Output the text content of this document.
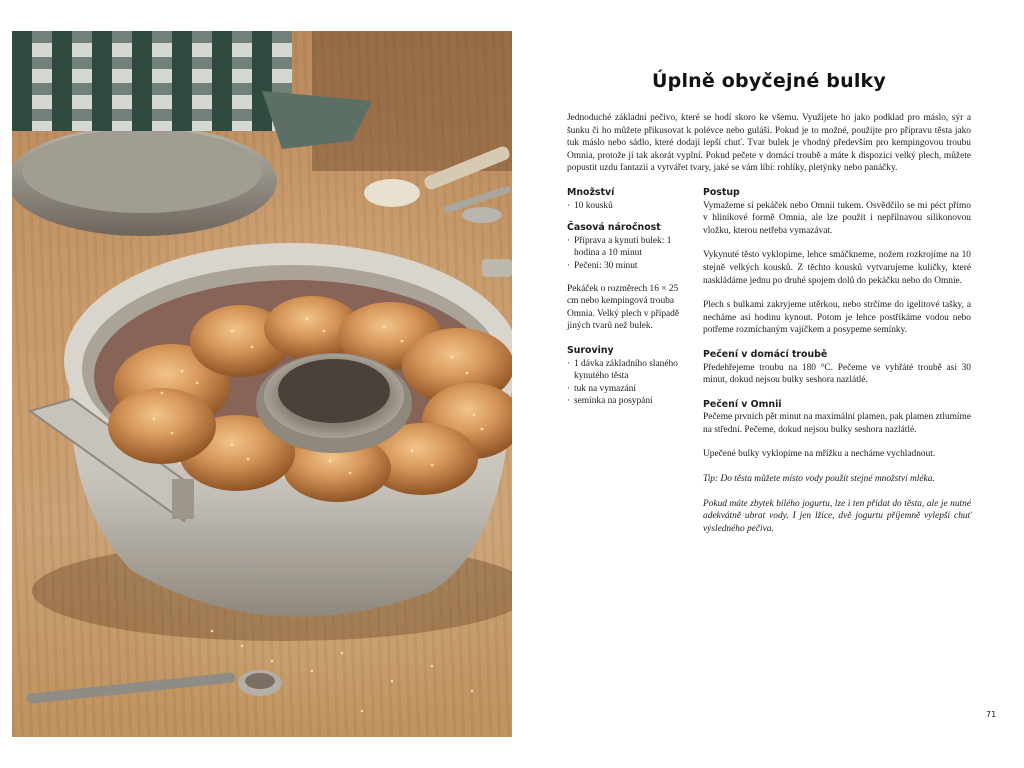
Úplně obyčejné bulky

Jednoduché základní pečivo, které se hodí skoro ke všemu. Využijete ho jako podklad pro máslo, sýr a šunku či ho můžete přikusovat k polévce nebo guláši. Pokud je to možné, použijte pro přípravu těsta jako tuk máslo nebo sádlo, které dodají lepší chuť. Tvar bulek je vhodný především pro kempingovou troubu Omnia, protože jí tak akorát vyplní. Pokud pečete v domácí troubě a máte k dispozici velký plech, můžete popustit uzdu fantazii a vytvářet tvary, jaké se vám líbí: rohlíky, pletýnky nebo panáčky.

Množství
· 10 kousků
Časová náročnost
· Příprava a kynutí bulek: 1 hodina a 10 minut
· Pečení: 30 minut

Pekáček o rozměrech 16 × 25 cm nebo kempingová trouba Omnia. Velký plech v případě jiných tvarů než bulek.

Suroviny
· 1 dávka základního slaného kynutého těsta
· tuk na vymazání
· semínka na posypání
Postup

Vymažeme si pekáček nebo Omnii tukem. Osvědčilo se mi péct přímo v hliníkové formě Omnia, ale lze použít i nepřilnavou silikonovou vložku, kterou netřeba vymazávat.

Vykynuté těsto vyklopíme, lehce smáčkneme, nožem rozkrojíme na 10 stejně velkých kousků. Z těchto kousků vytvarujeme kuličky, které naskládáme jednu po druhé spojem dolů do pekáčku nebo do Omnie.

Plech s bulkami zakryjeme utěrkou, nebo strčíme do igelitové tašky, a necháme asi hodinu kynout. Potom je lehce postříkáme vodou nebo potřeme rozmíchaným vajíčkem a posypeme semínky.

Pečení v domácí troubě

Předehřejeme troubu na 180 °C. Pečeme ve vyhřáté troubě asi 30 minut, dokud nejsou bulky seshora nazlátlé.

Pečení v Omnii

Pečeme prvních pět minut na maximální plamen, pak plamen ztlumíme na střední. Pečeme, dokud nejsou bulky seshora nazlátlé.

Upečené bulky vyklopíme na mřížku a necháme vychladnout.

Tip: Do těsta můžete místo vody použít stejné množství mléka.

Pokud máte zbytek bílého jogurtu, lze i ten přidat do těsta, ale je nutné adekvátně ubrat vody. I jen lžíce, dvě jogurtu příjemně vylepší chuť výsledného pečiva.

71
